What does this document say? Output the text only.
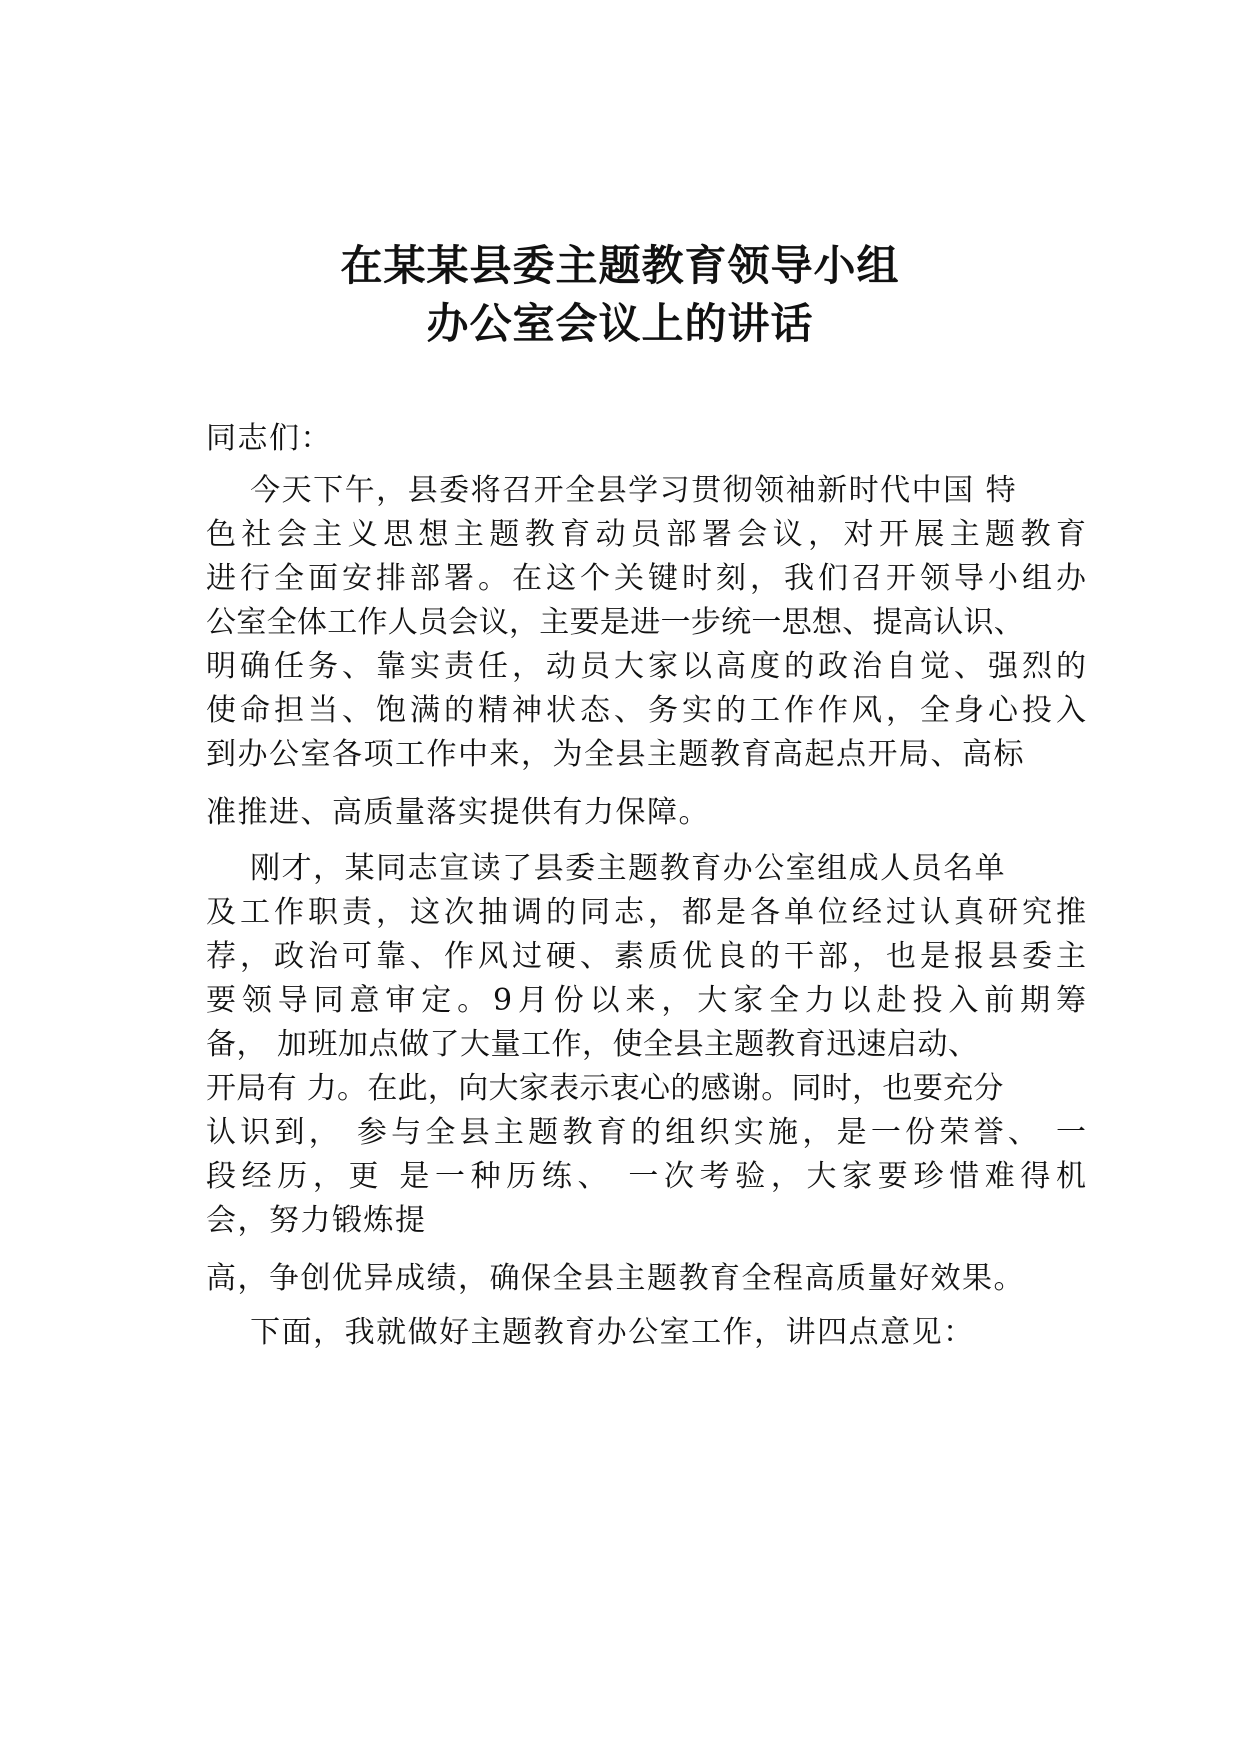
在某某县委主题教育领导小组
办公室会议上的讲话

同志们：

今天下午，县委将召开全县学习贯彻领袖新时代中国 特

色社会主义思想主题教育动员部署会议，对开展主题教育

进行全面安排部署。在这个关键时刻，我们召开领导小组办

公室全体工作人员会议，主要是进一步统一思想、提高认识、

明确任务、靠实责任，动员大家以高度的政治自觉、强烈的

使命担当、饱满的精神状态、务实的工作作风，全身心投入

到办公室各项工作中来，为全县主题教育高起点开局、高标

准推进、高质量落实提供有力保障。

刚才，某同志宣读了县委主题教育办公室组成人员名单

及工作职责，这次抽调的同志，都是各单位经过认真研究推

荐，政治可靠、作风过硬、素质优良的干部，也是报县委主

要领导同意审定。9月份以来，大家全力以赴投入前期筹

备， 加班加点做了大量工作，使全县主题教育迅速启动、

开局有 力。在此，向大家表示衷心的感谢。同时，也要充分

认识到， 参与全县主题教育的组织实施，是一份荣誉、 一

段经历，更 是一种历练、 一次考验，大家要珍惜难得机

会，努力锻炼提

高，争创优异成绩，确保全县主题教育全程高质量好效果。

下面，我就做好主题教育办公室工作，讲四点意见：
